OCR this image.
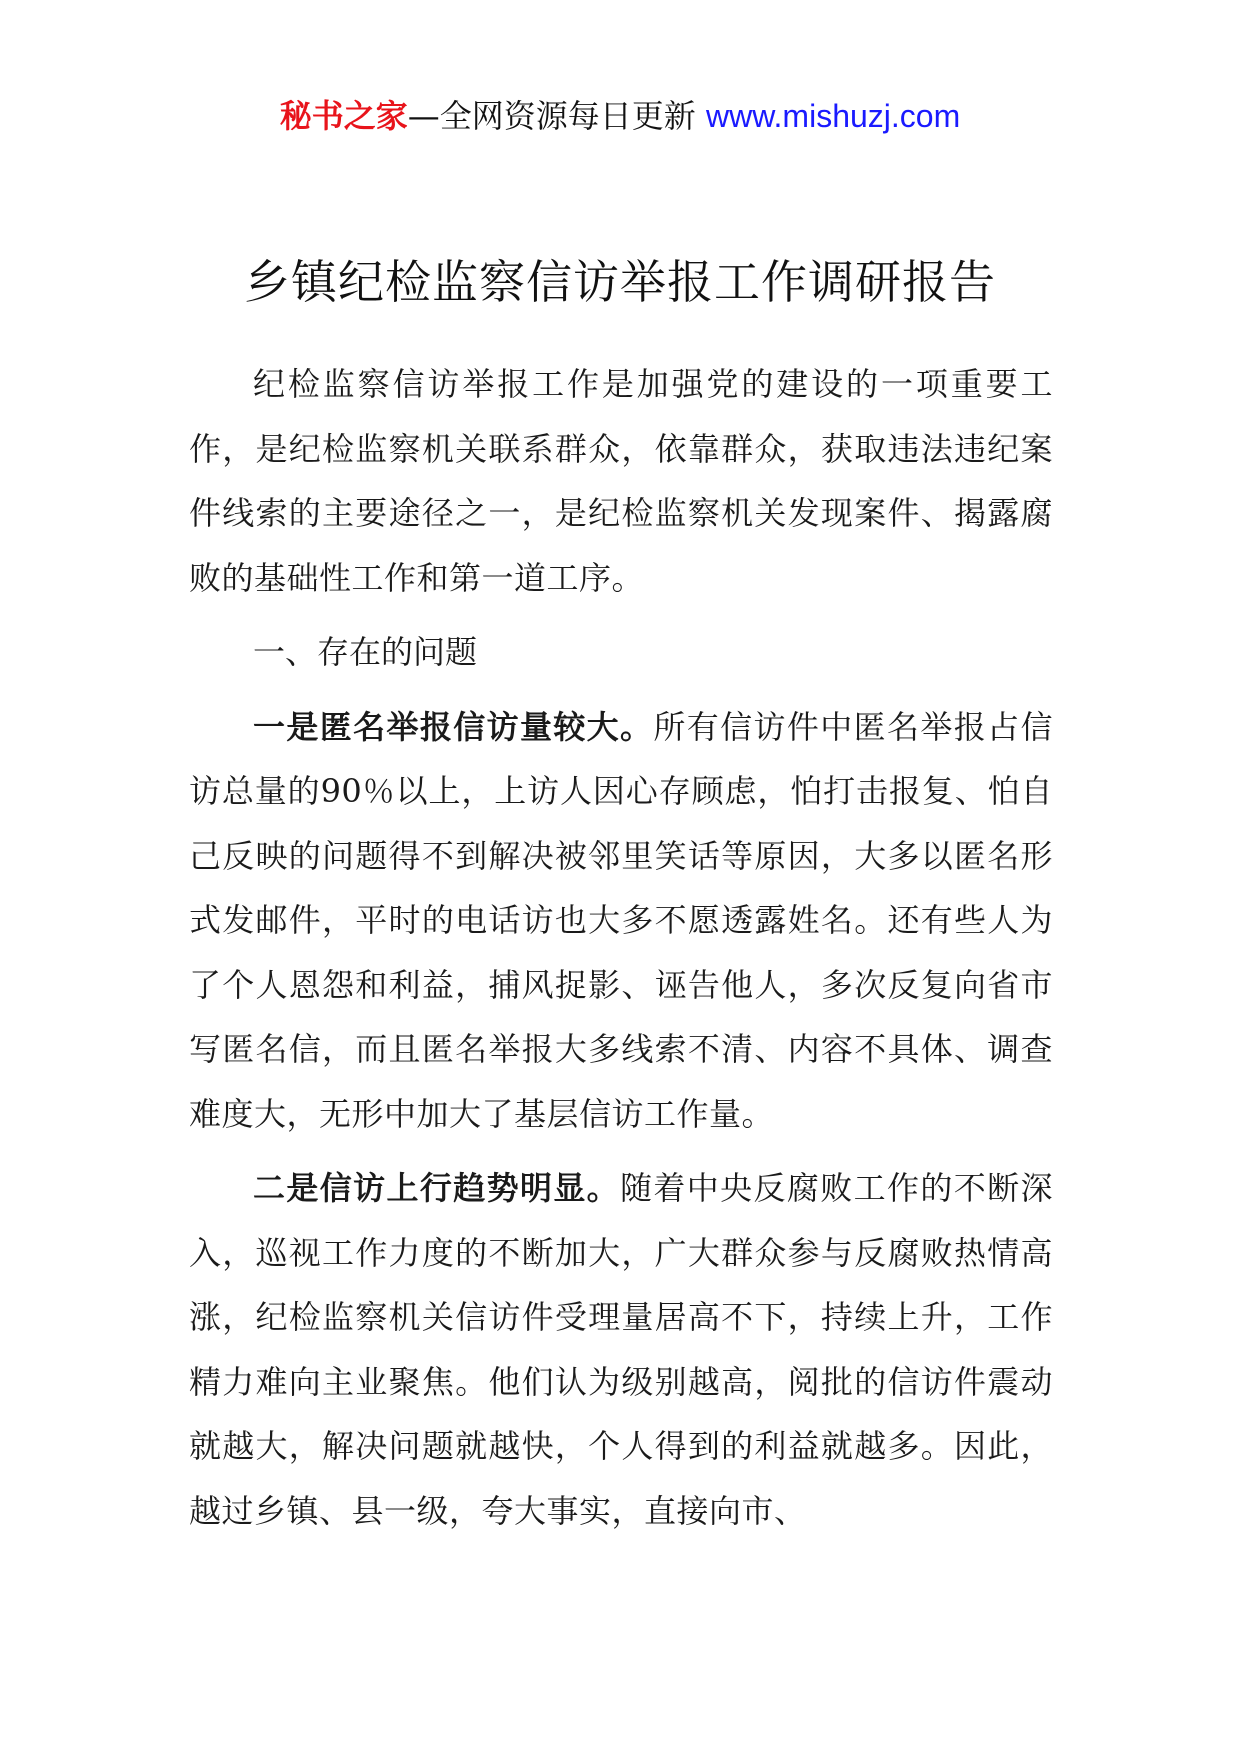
秘书之家—全网资源每日更新 www.mishuzj.com
乡镇纪检监察信访举报工作调研报告

纪检监察信访举报工作是加强党的建设的一项重要工作，是纪检监察机关联系群众，依靠群众，获取违法违纪案件线索的主要途径之一，是纪检监察机关发现案件、揭露腐败的基础性工作和第一道工序。

一、存在的问题

一是匿名举报信访量较大。所有信访件中匿名举报占信访总量的90％以上，上访人因心存顾虑，怕打击报复、怕自己反映的问题得不到解决被邻里笑话等原因，大多以匿名形式发邮件，平时的电话访也大多不愿透露姓名。还有些人为了个人恩怨和利益，捕风捉影、诬告他人，多次反复向省市写匿名信，而且匿名举报大多线索不清、内容不具体、调查难度大，无形中加大了基层信访工作量。

二是信访上行趋势明显。随着中央反腐败工作的不断深入，巡视工作力度的不断加大，广大群众参与反腐败热情高涨，纪检监察机关信访件受理量居高不下，持续上升，工作精力难向主业聚焦。他们认为级别越高，阅批的信访件震动就越大，解决问题就越快，个人得到的利益就越多。因此，越过乡镇、县一级，夸大事实，直接向市、
